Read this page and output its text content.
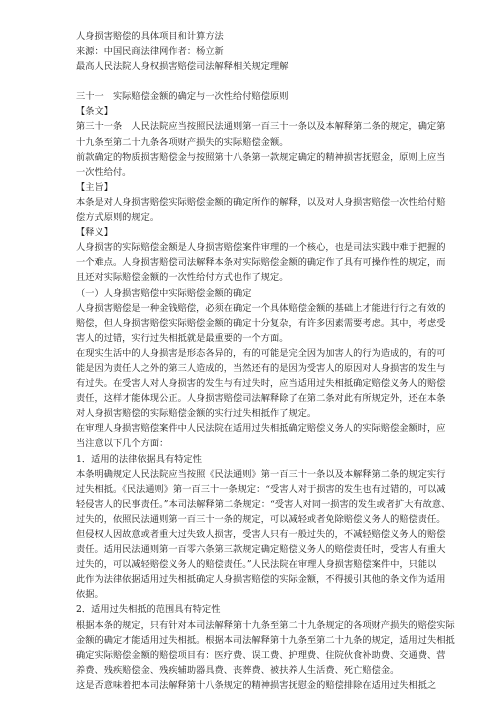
人身损害赔偿的具体项目和计算方法
来源：中国民商法律网作者：杨立新
最高人民法院人身权损害赔偿司法解释相关规定理解
三十一　实际赔偿金额的确定与一次性给付赔偿原则
【条文】
第三十一条　人民法院应当按照民法通则第一百三十一条以及本解释第二条的规定，确定第
十九条至第二十九条各项财产损失的实际赔偿金额。
前款确定的物质损害赔偿金与按照第十八条第一款规定确定的精神损害抚慰金，原则上应当
一次性给付。
【主旨】
本条是对人身损害赔偿实际赔偿金额的确定所作的解释，以及对人身损害赔偿一次性给付赔
偿方式原则的规定。
【释义】
人身损害的实际赔偿金额是人身损害赔偿案件审理的一个核心，也是司法实践中难于把握的
一个难点。人身损害赔偿司法解释本条对实际赔偿金额的确定作了具有可操作性的规定，而
且还对实际赔偿金额的一次性给付方式也作了规定。
（一）人身损害赔偿中实际赔偿金额的确定
人身损害赔偿是一种金钱赔偿，必须在确定一个具体赔偿金额的基础上才能进行行之有效的
赔偿，但人身损害赔偿实际赔偿金额的确定十分复杂，有许多因素需要考虑。其中，考虑受
害人的过错，实行过失相抵就是最重要的一个方面。
在现实生活中的人身损害是形态各异的，有的可能是完全因为加害人的行为造成的，有的可
能是因为责任人之外的第三人造成的，当然还有的是因为受害人的原因对人身损害的发生与
有过失。在受害人对人身损害的发生与有过失时，应当适用过失相抵确定赔偿义务人的赔偿
责任，这样才能体现公正。人身损害赔偿司法解释除了在第二条对此有所规定外，还在本条
对人身损害赔偿的实际赔偿金额的实行过失相抵作了规定。
在审理人身损害赔偿案件中人民法院在适用过失相抵确定赔偿义务人的实际赔偿金额时，应
当注意以下几个方面：
1．适用的法律依据具有特定性
本条明确规定人民法院应当按照《民法通则》第一百三十一条以及本解释第二条的规定实行
过失相抵。《民法通则》第一百三十一条规定：“受害人对于损害的发生也有过错的，可以减
轻侵害人的民事责任。”本司法解释第二条规定：“受害人对同一损害的发生或者扩大有故意、
过失的，依照民法通则第一百三十一条的规定，可以减轻或者免除赔偿义务人的赔偿责任。
但侵权人因故意或者重大过失致人损害，受害人只有一般过失的，不减轻赔偿义务人的赔偿
责任。适用民法通则第一百零六条第三款规定确定赔偿义务人的赔偿责任时，受害人有重大
过失的，可以减轻赔偿义务人的赔偿责任。”人民法院在审理人身损害赔偿案件中，只能以
此作为法律依据适用过失相抵确定人身损害赔偿的实际金额，不得援引其他的条文作为适用
依据。
2．适用过失相抵的范围具有特定性
根据本条的规定，只有针对本司法解释第十九条至第二十九条规定的各项财产损失的赔偿实际
金额的确定才能适用过失相抵。根据本司法解释第十九条至第二十九条的规定，适用过失相抵
确定实际赔偿金额的赔偿项目有：医疗费、误工费、护理费、住院伙食补助费、交通费、营
养费、残疾赔偿金、残疾辅助器具费、丧葬费、被扶养人生活费、死亡赔偿金。
这是否意味着把本司法解释第十八条规定的精神损害抚慰金的赔偿排除在适用过失相抵之
